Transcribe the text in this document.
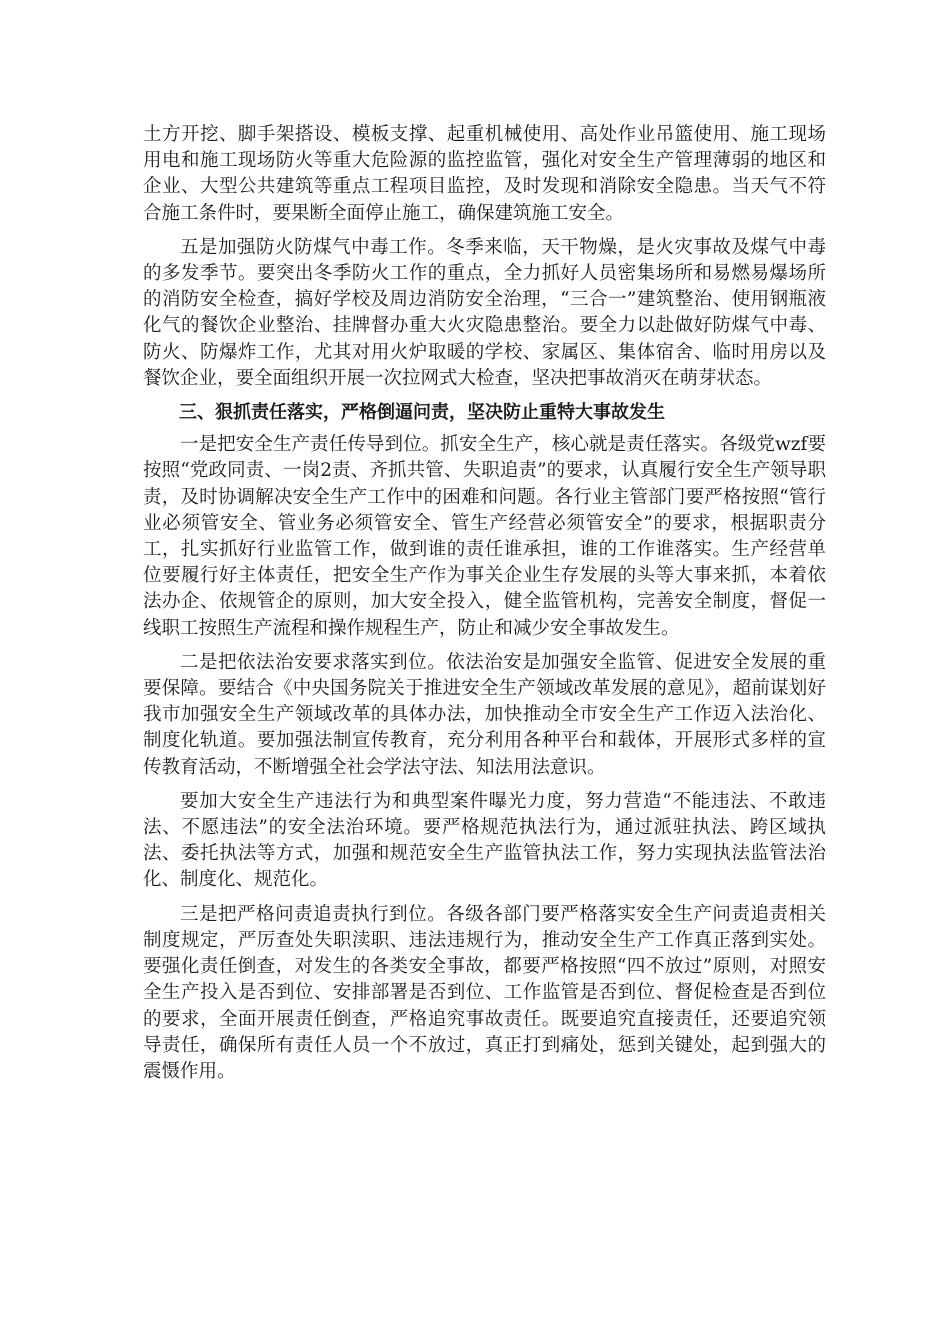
土方开挖、脚手架搭设、模板支撑、起重机械使用、高处作业吊篮使用、施工现场用电和施工现场防火等重大危险源的监控监管，强化对安全生产管理薄弱的地区和企业、大型公共建筑等重点工程项目监控，及时发现和消除安全隐患。当天气不符合施工条件时，要果断全面停止施工，确保建筑施工安全。

五是加强防火防煤气中毒工作。冬季来临，天干物燥，是火灾事故及煤气中毒的多发季节。要突出冬季防火工作的重点，全力抓好人员密集场所和易燃易爆场所的消防安全检查，搞好学校及周边消防安全治理，“三合一”建筑整治、使用钢瓶液化气的餐饮企业整治、挂牌督办重大火灾隐患整治。要全力以赴做好防煤气中毒、防火、防爆炸工作，尤其对用火炉取暖的学校、家属区、集体宿舍、临时用房以及餐饮企业，要全面组织开展一次拉网式大检查，坚决把事故消灭在萌芽状态。

三、狠抓责任落实，严格倒逼问责，坚决防止重特大事故发生

一是把安全生产责任传导到位。抓安全生产，核心就是责任落实。各级党wzf要按照“党政同责、一岗2责、齐抓共管、失职追责”的要求，认真履行安全生产领导职责，及时协调解决安全生产工作中的困难和问题。各行业主管部门要严格按照“管行业必须管安全、管业务必须管安全、管生产经营必须管安全”的要求，根据职责分工，扎实抓好行业监管工作，做到谁的责任谁承担，谁的工作谁落实。生产经营单位要履行好主体责任，把安全生产作为事关企业生存发展的头等大事来抓，本着依法办企、依规管企的原则，加大安全投入，健全监管机构，完善安全制度，督促一线职工按照生产流程和操作规程生产，防止和减少安全事故发生。

二是把依法治安要求落实到位。依法治安是加强安全监管、促进安全发展的重要保障。要结合《中央国务院关于推进安全生产领域改革发展的意见》，超前谋划好我市加强安全生产领域改革的具体办法，加快推动全市安全生产工作迈入法治化、制度化轨道。要加强法制宣传教育，充分利用各种平台和载体，开展形式多样的宣传教育活动，不断增强全社会学法守法、知法用法意识。

要加大安全生产违法行为和典型案件曝光力度，努力营造“不能违法、不敢违法、不愿违法”的安全法治环境。要严格规范执法行为，通过派驻执法、跨区域执法、委托执法等方式，加强和规范安全生产监管执法工作，努力实现执法监管法治化、制度化、规范化。

三是把严格问责追责执行到位。各级各部门要严格落实安全生产问责追责相关制度规定，严厉查处失职渎职、违法违规行为，推动安全生产工作真正落到实处。要强化责任倒查，对发生的各类安全事故，都要严格按照“四不放过”原则，对照安全生产投入是否到位、安排部署是否到位、工作监管是否到位、督促检查是否到位的要求，全面开展责任倒查，严格追究事故责任。既要追究直接责任，还要追究领导责任，确保所有责任人员一个不放过，真正打到痛处，惩到关键处，起到强大的震慑作用。
